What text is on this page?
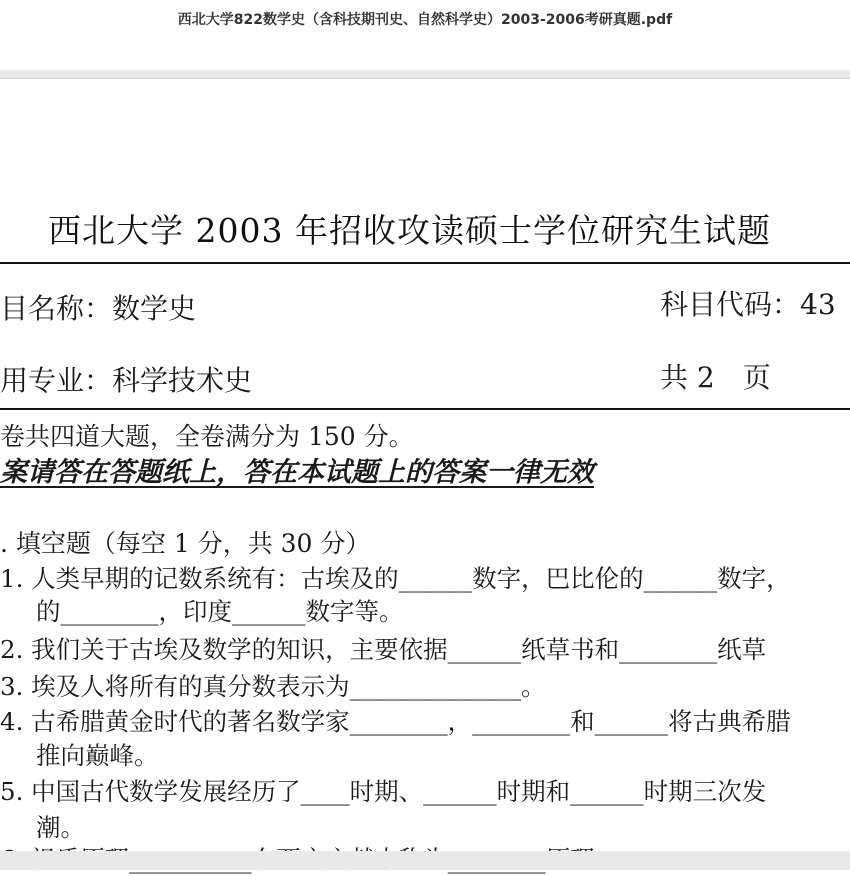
西北大学822数学史（含科技期刊史、自然科学史）2003-2006考研真题.pdf
西北大学 2003 年招收攻读硕士学位研究生试题
目名称：数学史	科目代码：43
用专业：科学技术史	共 2　页
卷共四道大题，全卷满分为 150 分。
案请答在答题纸上，答在本试题上的答案一律无效
. 填空题（每空 1 分，共 30 分）
1. 人类早期的记数系统有：古埃及的______数字，巴比伦的______数字，
的________，印度______数字等。
2. 我们关于古埃及数学的知识，主要依据______纸草书和________纸草
3. 埃及人将所有的真分数表示为______________。
4. 古希腊黄金时代的著名数学家________，________和______将古典希腊
推向巅峰。
5. 中国古代数学发展经历了____时期、______时期和______时期三次发
潮。
